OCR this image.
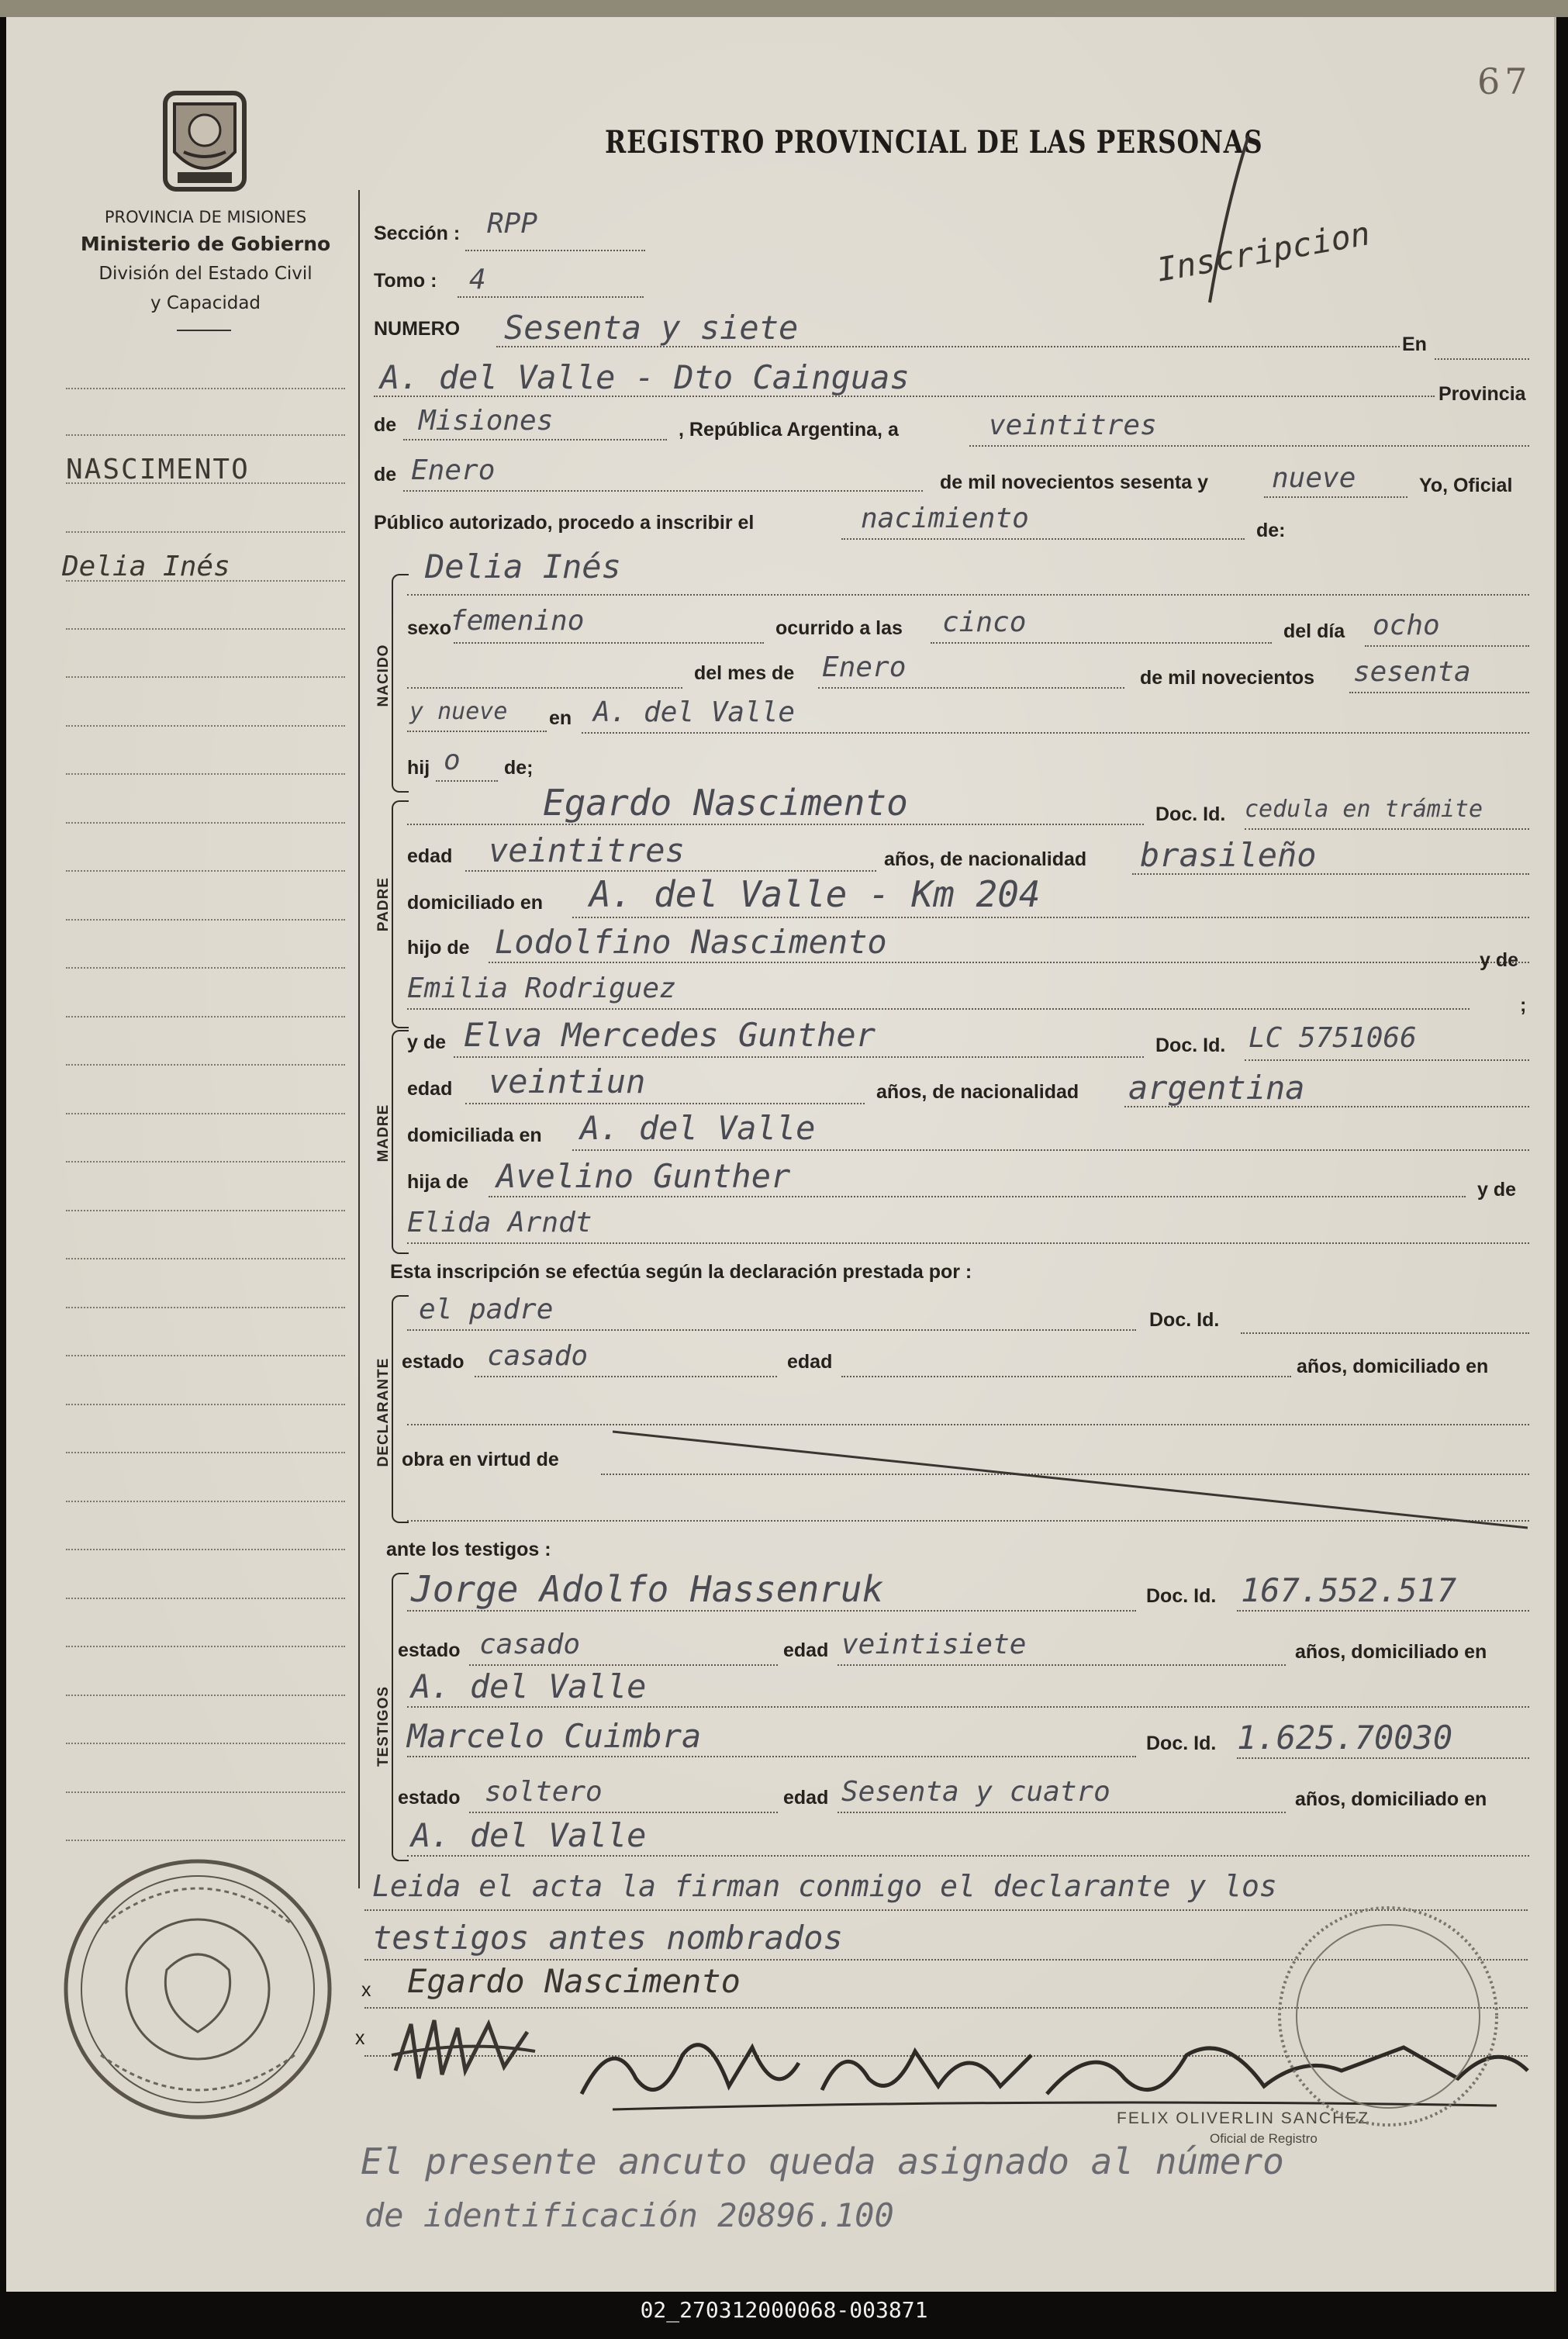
67
PROVINCIA DE MISIONES
Ministerio de Gobierno
División del Estado Civil
y Capacidad
REGISTRO PROVINCIAL DE LAS PERSONAS
Inscripcion
NASCIMENTO
Delia Inés
Sección : RPP
Tomo : 4
NUMERO Sesenta y siete	En
A. del Valle - Dto Cainguas	Provincia
de Misiones	, República Argentina, a	veintitres
de Enero	de mil novecientos sesenta y nueve	Yo, Oficial
Público autorizado, procedo a inscribir el	nacimiento	de:
NACIDO
Delia Inés
sexo
femenino	ocurrido a las cinco	del día ocho
del mes de Enero	de mil novecientos sesenta
y nueve en A. del Valle
hij o de;
PADRE
Egardo Nascimento	Doc. Id. cedula en trámite
edad veintitres	años, de nacionalidad brasileño
domiciliado en A. del Valle - Km 204
hijo de Lodolfino Nascimento
Emilia Rodriguez
y de
;
MADRE
y de Elva Mercedes Gunther	Doc. Id. LC 5751066
edad veintiun	años, de nacionalidad argentina
domiciliada en A. del Valle
hija de Avelino Gunther	y de
Elida Arndt
Esta inscripción se efectúa según la declaración prestada por :
DECLARANTE
el padre	Doc. Id.
estado casado	edad	años, domiciliado en
obra en virtud de
ante los testigos :
TESTIGOS
Jorge Adolfo Hassenruk	Doc. Id. 167.552.517
estado casado	edad veintisiete	años, domiciliado en
A. del Valle
Marcelo Cuimbra	Doc. Id. 1.625.70030
estado soltero	edad Sesenta y cuatro	años, domiciliado en
A. del Valle
Leida el acta la firman conmigo el declarante y los
testigos antes nombrados
x Egardo Nascimento
x
FELIX OLIVERLIN SANCHEZ
Oficial de Registro
El presente ancuto queda asignado al número
de identificación 20896.100
02_270312000068-003871
